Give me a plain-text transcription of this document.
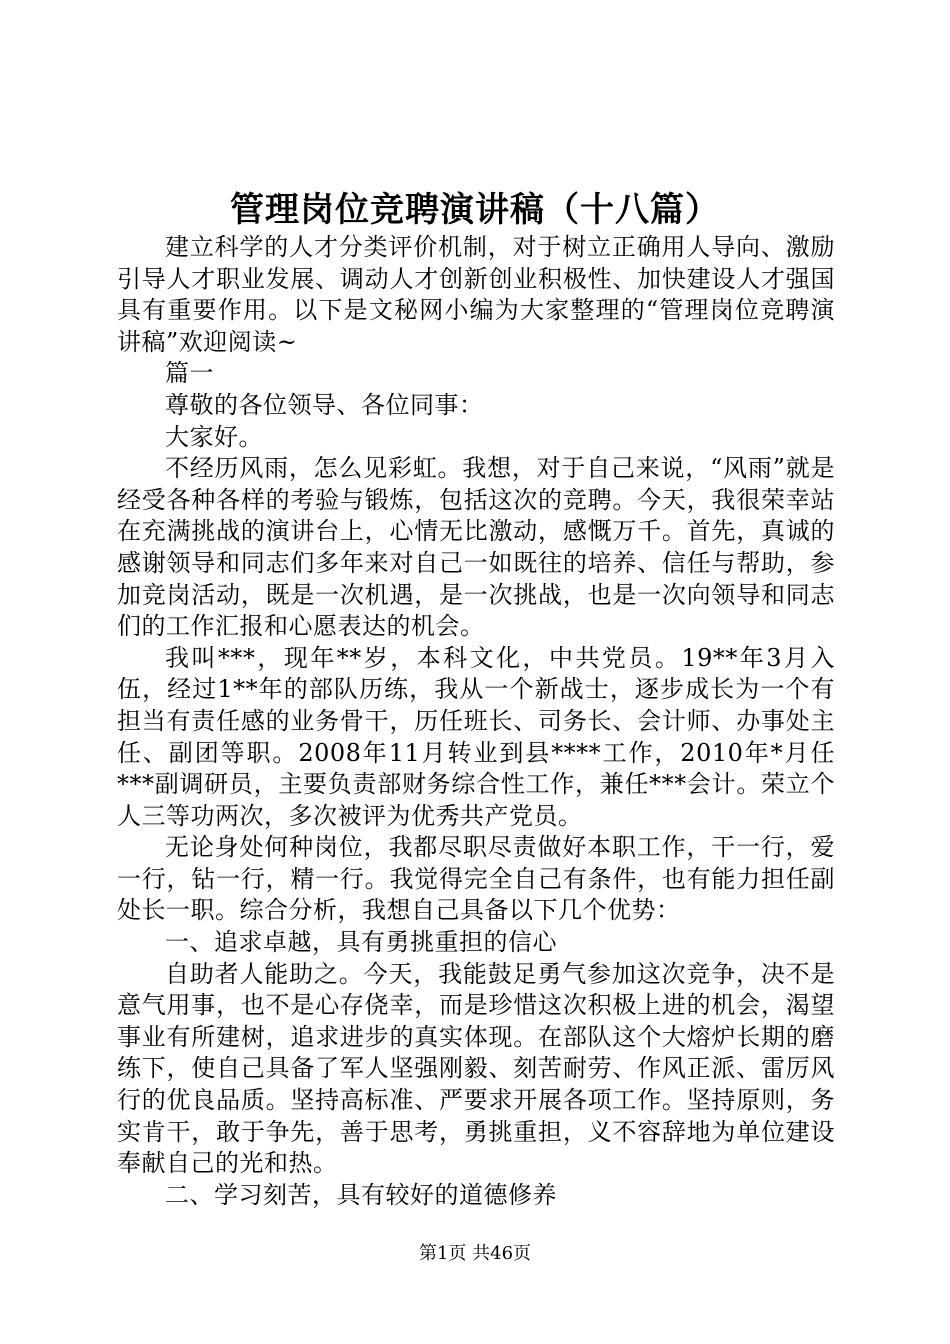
管理岗位竞聘演讲稿（十八篇）

建立科学的人才分类评价机制，对于树立正确用人导向、激励引导人才职业发展、调动人才创新创业积极性、加快建设人才强国具有重要作用。以下是文秘网小编为大家整理的“管理岗位竞聘演讲稿”欢迎阅读~

篇一

尊敬的各位领导、各位同事：

大家好。

不经历风雨，怎么见彩虹。我想，对于自己来说，“风雨”就是经受各种各样的考验与锻炼，包括这次的竞聘。今天，我很荣幸站在充满挑战的演讲台上，心情无比激动，感慨万千。首先，真诚的感谢领导和同志们多年来对自己一如既往的培养、信任与帮助，参加竞岗活动，既是一次机遇，是一次挑战，也是一次向领导和同志们的工作汇报和心愿表达的机会。

我叫***，现年**岁，本科文化，中共党员。19**年3月入伍，经过1**年的部队历练，我从一个新战士，逐步成长为一个有担当有责任感的业务骨干，历任班长、司务长、会计师、办事处主任、副团等职。2008年11月转业到县****工作，2010年*月任***副调研员，主要负责部财务综合性工作，兼任***会计。荣立个人三等功两次，多次被评为优秀共产党员。

无论身处何种岗位，我都尽职尽责做好本职工作，干一行，爱一行，钻一行，精一行。我觉得完全自己有条件，也有能力担任副处长一职。综合分析，我想自己具备以下几个优势：

一、追求卓越，具有勇挑重担的信心

自助者人能助之。今天，我能鼓足勇气参加这次竞争，决不是意气用事，也不是心存侥幸，而是珍惜这次积极上进的机会，渴望事业有所建树，追求进步的真实体现。在部队这个大熔炉长期的磨练下，使自己具备了军人坚强刚毅、刻苦耐劳、作风正派、雷厉风行的优良品质。坚持高标准、严要求开展各项工作。坚持原则，务实肯干，敢于争先，善于思考，勇挑重担，义不容辞地为单位建设奉献自己的光和热。

二、学习刻苦，具有较好的道德修养

第1页 共46页
